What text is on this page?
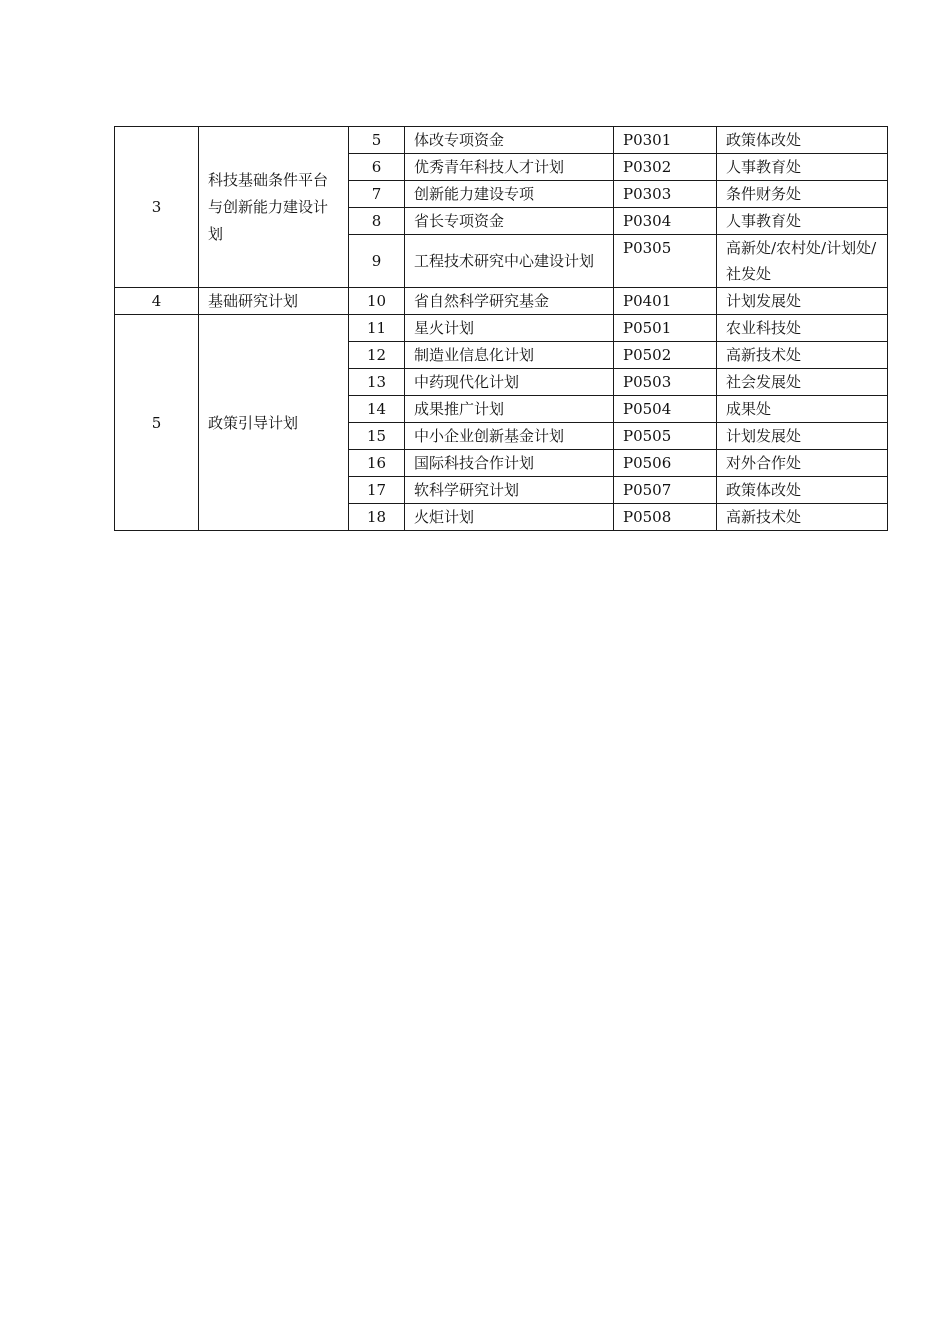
3	科技基础条件平台与创新能力建设计划	5	体改专项资金	P0301	政策体改处
		6	优秀青年科技人才计划	P0302	人事教育处
		7	创新能力建设专项	P0303	条件财务处
		8	省长专项资金	P0304	人事教育处
		9	工程技术研究中心建设计划	P0305	高新处/农村处/计划处/社发处
4	基础研究计划	10	省自然科学研究基金	P0401	计划发展处
5	政策引导计划	11	星火计划	P0501	农业科技处
		12	制造业信息化计划	P0502	高新技术处
		13	中药现代化计划	P0503	社会发展处
		14	成果推广计划	P0504	成果处
		15	中小企业创新基金计划	P0505	计划发展处
		16	国际科技合作计划	P0506	对外合作处
		17	软科学研究计划	P0507	政策体改处
		18	火炬计划	P0508	高新技术处
